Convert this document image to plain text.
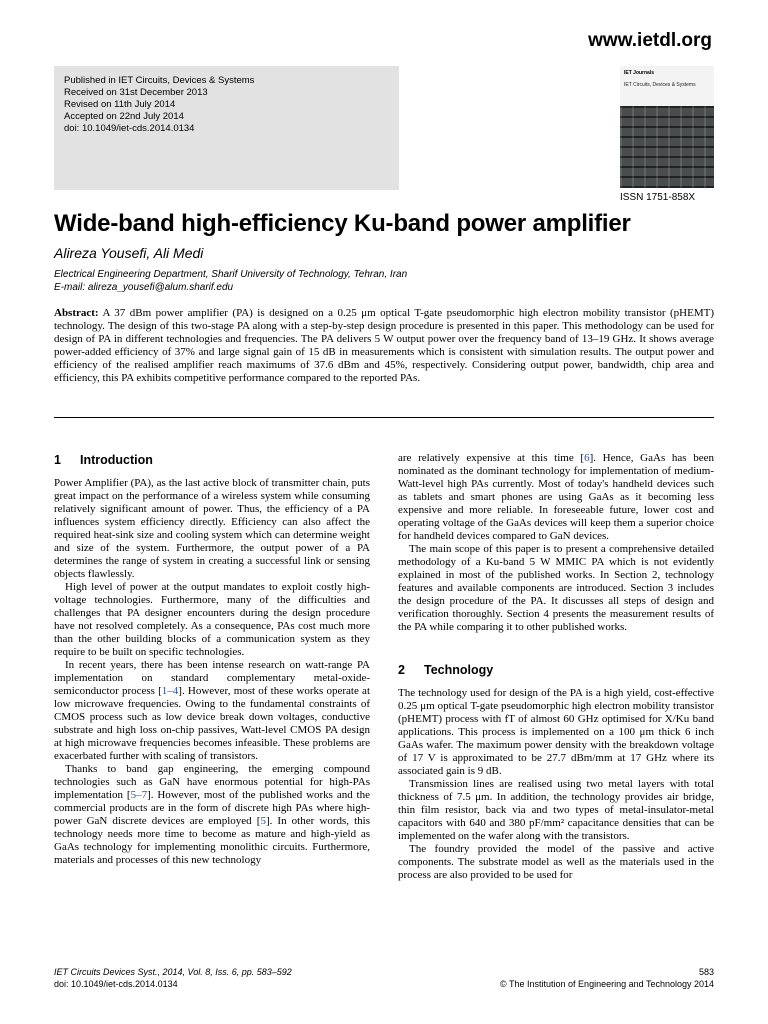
www.ietdl.org
Published in IET Circuits, Devices & Systems
Received on 31st December 2013
Revised on 11th July 2014
Accepted on 22nd July 2014
doi: 10.1049/iet-cds.2014.0134
IET Journals
IET Circuits, Devices & Systems
ISSN 1751-858X
Wide-band high-efficiency Ku-band power amplifier
Alireza Yousefi, Ali Medi
Electrical Engineering Department, Sharif University of Technology, Tehran, Iran
E-mail: alireza_yousefi@alum.sharif.edu
Abstract: A 37 dBm power amplifier (PA) is designed on a 0.25 μm optical T-gate pseudomorphic high electron mobility transistor (pHEMT) technology. The design of this two-stage PA along with a step-by-step design procedure is presented in this paper. This methodology can be used for design of PA in different technologies and frequencies. The PA delivers 5 W output power over the frequency band of 13–19 GHz. It shows average power-added efficiency of 37% and large signal gain of 15 dB in measurements which is consistent with simulation results. The output power and efficiency of the realised amplifier reach maximums of 37.6 dBm and 45%, respectively. Considering output power, bandwidth, chip area and efficiency, this PA exhibits competitive performance compared to the reported PAs.
1 Introduction

Power Amplifier (PA), as the last active block of transmitter chain, puts great impact on the performance of a wireless system while consuming relatively significant amount of power. Thus, the efficiency of a PA influences system efficiency directly. Efficiency can also affect the required heat-sink size and cooling system which can determine weight and size of the system. Furthermore, the output power of a PA determines the range of system in creating a successful link or sensing objects flawlessly.

High level of power at the output mandates to exploit costly high-voltage technologies. Furthermore, many of the difficulties and challenges that PA designer encounters during the design procedure have not resolved completely. As a consequence, PAs cost much more than the other building blocks of a communication system as they require to be built on specific technologies.

In recent years, there has been intense research on watt-range PA implementation on standard complementary metal-oxide-semiconductor process [1–4]. However, most of these works operate at low microwave frequencies. Owing to the fundamental constraints of CMOS process such as low device break down voltages, conductive substrate and high loss on-chip passives, Watt-level CMOS PA design at high microwave frequencies becomes infeasible. These problems are exacerbated further with scaling of transistors.

Thanks to band gap engineering, the emerging compound technologies such as GaN have enormous potential for high-PAs implementation [5–7]. However, most of the published works and the commercial products are in the form of discrete high PAs where high-power GaN discrete devices are employed [5]. In other words, this technology needs more time to become as mature and high-yield as GaAs technology for implementing monolithic circuits. Furthermore, materials and processes of this new technology

are relatively expensive at this time [6]. Hence, GaAs has been nominated as the dominant technology for implementation of medium-Watt-level high PAs currently. Most of today's handheld devices such as tablets and smart phones are using GaAs as it becoming less expensive and more reliable. In foreseeable future, lower cost and operating voltage of the GaAs devices will keep them a superior choice for handheld devices compared to GaN devices.

The main scope of this paper is to present a comprehensive detailed methodology of a Ku-band 5 W MMIC PA which is not evidently explained in most of the published works. In Section 2, technology features and available components are introduced. Section 3 includes the design procedure of the PA. It discusses all steps of design and verification thoroughly. Section 4 presents the measurement results of the PA while comparing it to other published works.

2 Technology

The technology used for design of the PA is a high yield, cost-effective 0.25 μm optical T-gate pseudomorphic high electron mobility transistor (pHEMT) process with fT of almost 60 GHz optimised for X/Ku band applications. This process is implemented on a 100 μm thick 6 inch GaAs wafer. The maximum power density with the breakdown voltage of 17 V is approximated to be 27.7 dBm/mm at 17 GHz where its associated gain is 9 dB.

Transmission lines are realised using two metal layers with total thickness of 7.5 μm. In addition, the technology provides air bridge, thin film resistor, back via and two types of metal-insulator-metal capacitors with 640 and 380 pF/mm² capacitance densities that can be implemented on the wafer along with the transistors.

The foundry provided the model of the passive and active components. The substrate model as well as the materials used in the process are also provided to be used for

IET Circuits Devices Syst., 2014, Vol. 8, Iss. 6, pp. 583–592
doi: 10.1049/iet-cds.2014.0134
583
© The Institution of Engineering and Technology 2014
